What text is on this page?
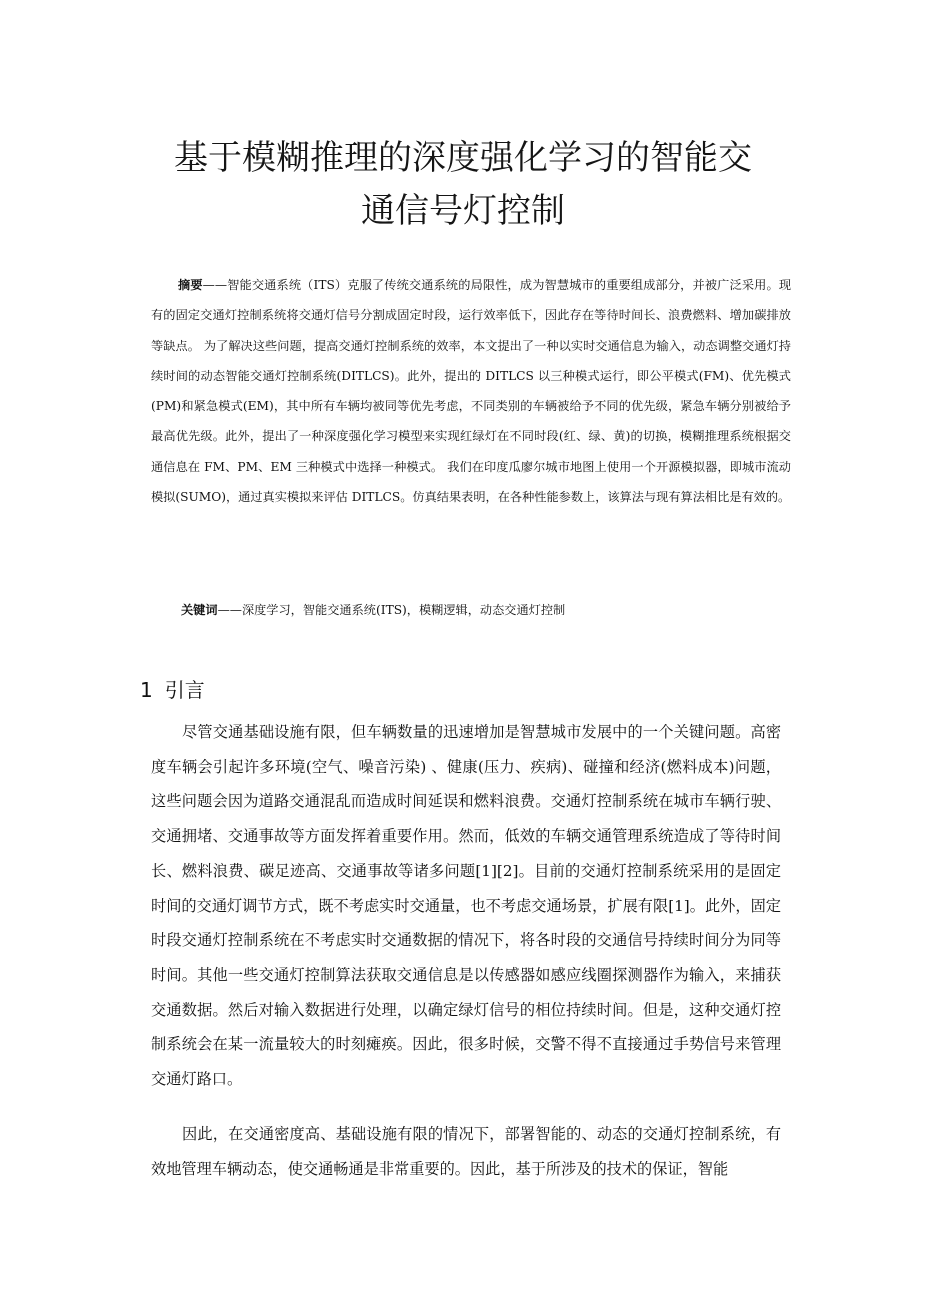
基于模糊推理的深度强化学习的智能交
通信号灯控制

摘要——智能交通系统（ITS）克服了传统交通系统的局限性，成为智慧城市的重要组成部分，并被广泛采用。现有的固定交通灯控制系统将交通灯信号分割成固定时段，运行效率低下，因此存在等待时间长、浪费燃料、增加碳排放等缺点。 为了解决这些问题，提高交通灯控制系统的效率，本文提出了一种以实时交通信息为输入，动态调整交通灯持续时间的动态智能交通灯控制系统(DITLCS)。此外，提出的 DITLCS 以三种模式运行，即公平模式(FM)、优先模式(PM)和紧急模式(EM)，其中所有车辆均被同等优先考虑，不同类别的车辆被给予不同的优先级，紧急车辆分别被给予最高优先级。此外，提出了一种深度强化学习模型来实现红绿灯在不同时段(红、绿、黄)的切换，模糊推理系统根据交通信息在 FM、PM、EM 三种模式中选择一种模式。 我们在印度瓜廖尔城市地图上使用一个开源模拟器，即城市流动模拟(SUMO)，通过真实模拟来评估 DITLCS。仿真结果表明，在各种性能参数上，该算法与现有算法相比是有效的。

关键词——深度学习，智能交通系统(ITS)，模糊逻辑，动态交通灯控制

1 引言

尽管交通基础设施有限，但车辆数量的迅速增加是智慧城市发展中的一个关键问题。高密度车辆会引起许多环境(空气、噪音污染) 、健康(压力、疾病)、碰撞和经济(燃料成本)问题，这些问题会因为道路交通混乱而造成时间延误和燃料浪费。交通灯控制系统在城市车辆行驶、交通拥堵、交通事故等方面发挥着重要作用。然而，低效的车辆交通管理系统造成了等待时间长、燃料浪费、碳足迹高、交通事故等诸多问题[1][2]。目前的交通灯控制系统采用的是固定时间的交通灯调节方式，既不考虑实时交通量，也不考虑交通场景，扩展有限[1]。此外，固定时段交通灯控制系统在不考虑实时交通数据的情况下，将各时段的交通信号持续时间分为同等时间。其他一些交通灯控制算法获取交通信息是以传感器如感应线圈探测器作为输入，来捕获交通数据。然后对输入数据进行处理，以确定绿灯信号的相位持续时间。但是，这种交通灯控制系统会在某一流量较大的时刻瘫痪。因此，很多时候，交警不得不直接通过手势信号来管理交通灯路口。

因此，在交通密度高、基础设施有限的情况下，部署智能的、动态的交通灯控制系统，有效地管理车辆动态，使交通畅通是非常重要的。因此，基于所涉及的技术的保证，智能
